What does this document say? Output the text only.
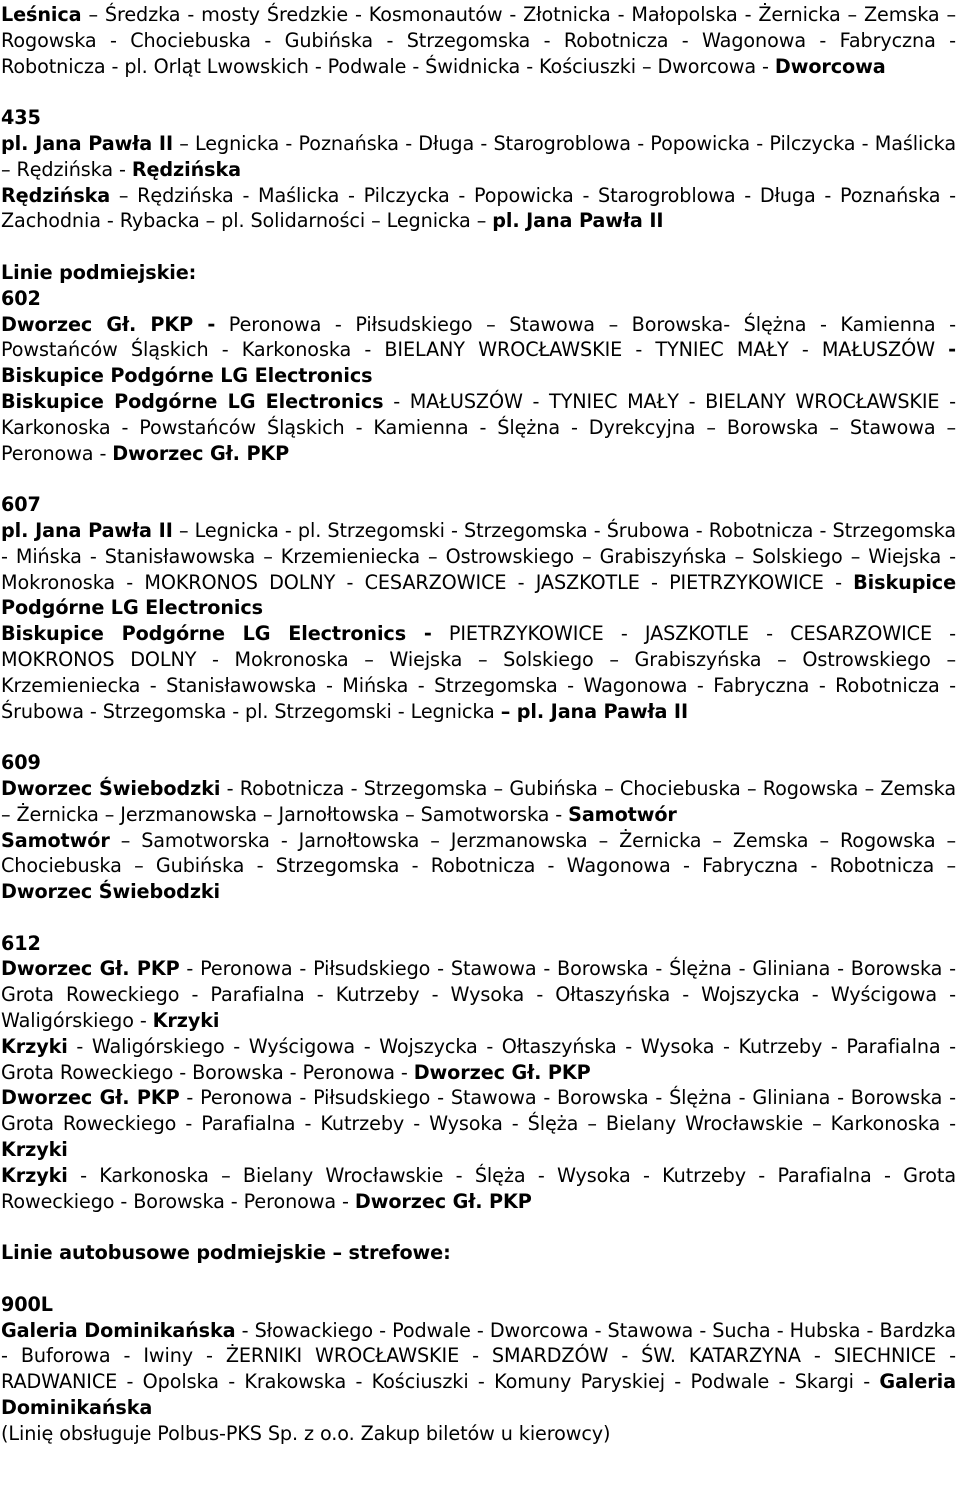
Leśnica – Średzka - mosty Średzkie - Kosmonautów - Złotnicka - Małopolska - Żernicka – Zemska – Rogowska - Chociebuska - Gubińska - Strzegomska - Robotnicza - Wagonowa - Fabryczna - Robotnicza - pl. Orląt Lwowskich - Podwale - Świdnicka - Kościuszki – Dworcowa - Dworcowa
435
pl. Jana Pawła II – Legnicka - Poznańska - Długa - Starogroblowa - Popowicka - Pilczycka - Maślicka – Rędzińska - Rędzińska
Rędzińska – Rędzińska - Maślicka - Pilczycka - Popowicka - Starogroblowa - Długa - Poznańska - Zachodnia - Rybacka – pl. Solidarności – Legnicka – pl. Jana Pawła II
Linie podmiejskie:
602
Dworzec Gł. PKP - Peronowa - Piłsudskiego – Stawowa – Borowska- Ślężna - Kamienna - Powstańców Śląskich - Karkonoska - BIELANY WROCŁAWSKIE - TYNIEC MAŁY - MAŁUSZÓW - Biskupice Podgórne LG Electronics
Biskupice Podgórne LG Electronics - MAŁUSZÓW - TYNIEC MAŁY - BIELANY WROCŁAWSKIE - Karkonoska - Powstańców Śląskich - Kamienna - Ślężna - Dyrekcyjna – Borowska – Stawowa – Peronowa - Dworzec Gł. PKP
607
pl. Jana Pawła II – Legnicka - pl. Strzegomski - Strzegomska - Śrubowa - Robotnicza - Strzegomska - Mińska - Stanisławowska – Krzemieniecka – Ostrowskiego – Grabiszyńska – Solskiego – Wiejska - Mokronoska - MOKRONOS DOLNY - CESARZOWICE - JASZKOTLE - PIETRZYKOWICE - Biskupice Podgórne LG Electronics
Biskupice Podgórne LG Electronics - PIETRZYKOWICE - JASZKOTLE - CESARZOWICE - MOKRONOS DOLNY - Mokronoska – Wiejska – Solskiego – Grabiszyńska – Ostrowskiego – Krzemieniecka - Stanisławowska - Mińska - Strzegomska - Wagonowa - Fabryczna - Robotnicza - Śrubowa - Strzegomska - pl. Strzegomski - Legnicka – pl. Jana Pawła II
609
Dworzec Świebodzki - Robotnicza - Strzegomska – Gubińska – Chociebuska – Rogowska – Zemska – Żernicka – Jerzmanowska – Jarnołtowska – Samotworska - Samotwór
Samotwór – Samotworska - Jarnołtowska – Jerzmanowska – Żernicka – Zemska – Rogowska – Chociebuska – Gubińska - Strzegomska - Robotnicza - Wagonowa - Fabryczna - Robotnicza – Dworzec Świebodzki
612
Dworzec Gł. PKP - Peronowa - Piłsudskiego - Stawowa - Borowska - Ślężna - Gliniana - Borowska - Grota Roweckiego - Parafialna - Kutrzeby - Wysoka - Ołtaszyńska - Wojszycka - Wyścigowa - Waligórskiego - Krzyki
Krzyki - Waligórskiego - Wyścigowa - Wojszycka - Ołtaszyńska - Wysoka - Kutrzeby - Parafialna - Grota Roweckiego - Borowska - Peronowa - Dworzec Gł. PKP
Dworzec Gł. PKP - Peronowa - Piłsudskiego - Stawowa - Borowska - Ślężna - Gliniana - Borowska - Grota Roweckiego - Parafialna - Kutrzeby - Wysoka - Ślęża – Bielany Wrocławskie – Karkonoska - Krzyki
Krzyki - Karkonoska – Bielany Wrocławskie - Ślęża - Wysoka - Kutrzeby - Parafialna - Grota Roweckiego - Borowska - Peronowa - Dworzec Gł. PKP
Linie autobusowe podmiejskie – strefowe:
900L
Galeria Dominikańska - Słowackiego - Podwale - Dworcowa - Stawowa - Sucha - Hubska - Bardzka - Buforowa - Iwiny - ŻERNIKI WROCŁAWSKIE - SMARDZÓW - ŚW. KATARZYNA - SIECHNICE - RADWANICE - Opolska - Krakowska - Kościuszki - Komuny Paryskiej - Podwale - Skargi - Galeria Dominikańska
(Linię obsługuje Polbus-PKS Sp. z o.o. Zakup biletów u kierowcy)
